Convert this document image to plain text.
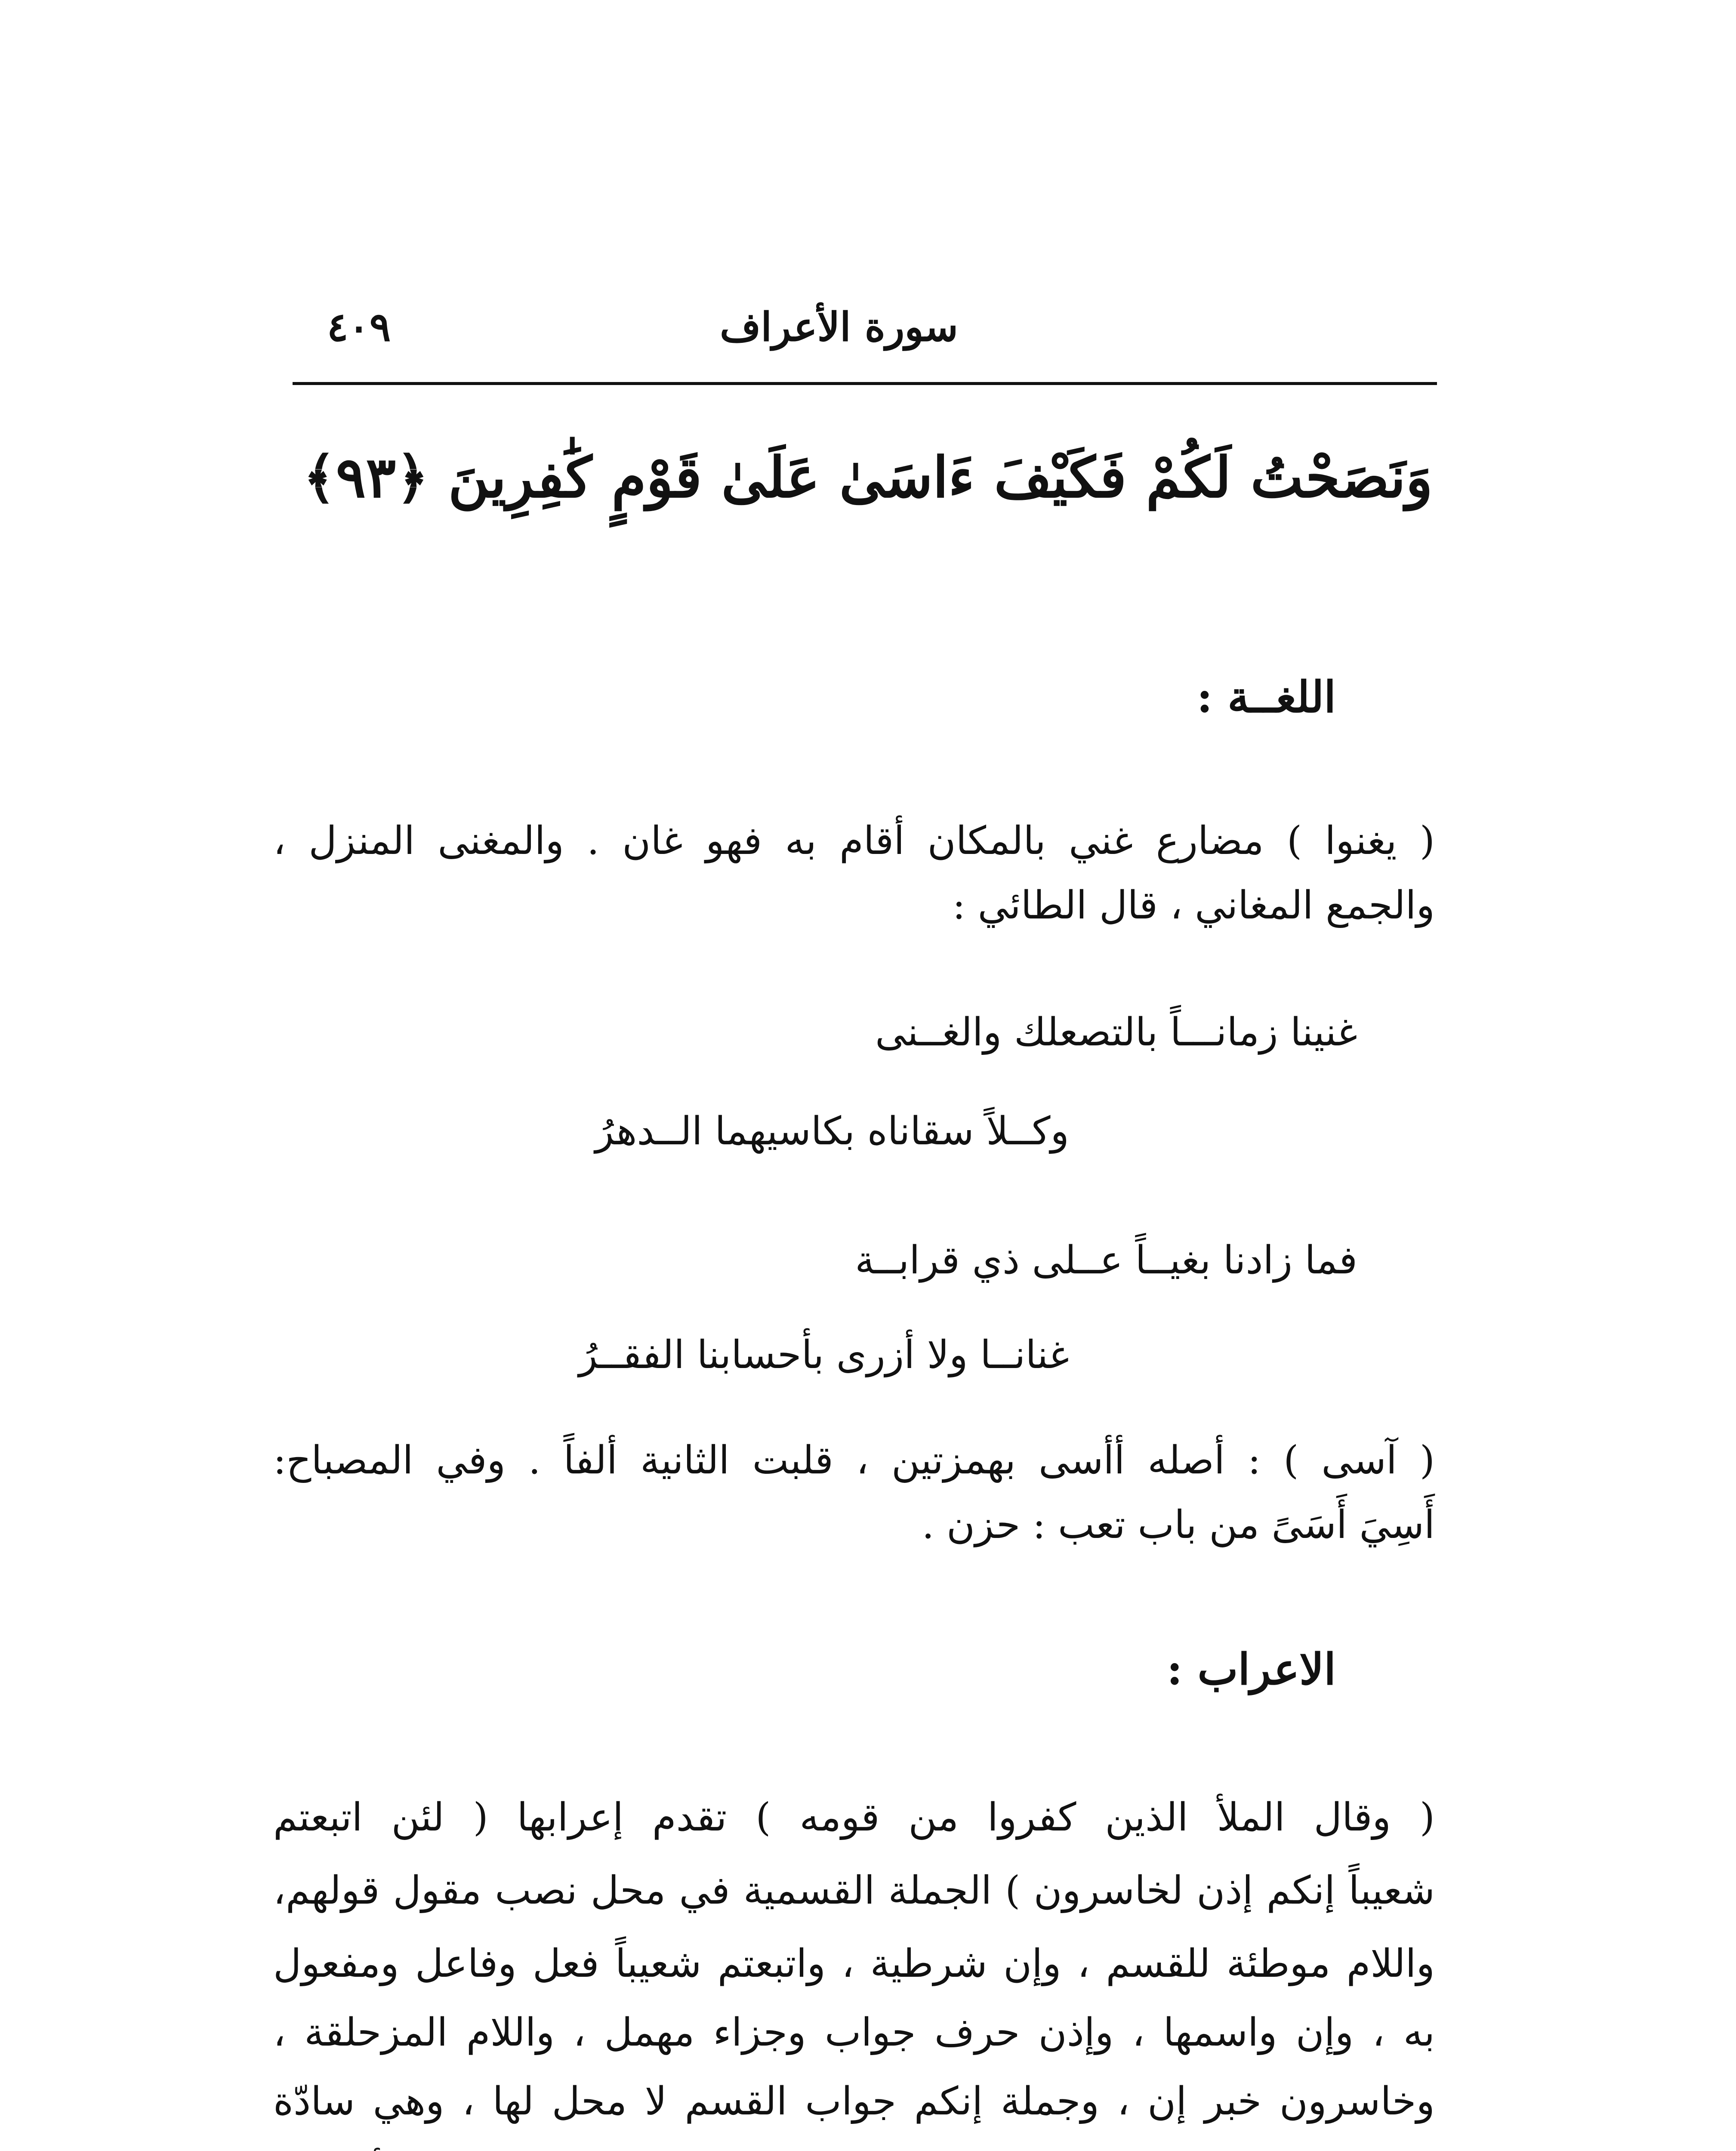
سورة الأعراف
٤٠٩
وَنَصَحْتُ لَكُمْ فَكَيْفَ ءَاسَىٰ عَلَىٰ قَوْمٍ كَٰفِرِينَ ﴿٩٣﴾
اللغــة :
( يغنوا ) مضارع غني بالمكان أقام به فهو غان . والمغنى المنزل ،
والجمع المغاني ، قال الطائي :
غنينا زمانـــاً بالتصعلك والغــنى
وكــلاً سقاناه بكاسيهما الــدهرُ
فما زادنا بغيــاً عــلى ذي قرابــة
غنانــا ولا أزرى بأحسابنا الفقــرُ
( آسى ) : أصله أأسى بهمزتين ، قلبت الثانية ألفاً . وفي المصباح:
أَسِيَ أَسَىً من باب تعب : حزن .
الاعراب :
( وقال الملأ الذين كفروا من قومه ) تقدم إعرابها ( لئن اتبعتم
شعيباً إنكم إذن لخاسرون ) الجملة القسمية في محل نصب مقول قولهم،
واللام موطئة للقسم ، وإن شرطية ، واتبعتم شعيباً فعل وفاعل ومفعول
به ، وإن واسمها ، وإذن حرف جواب وجزاء مهمل ، واللام المزحلقة ،
وخاسرون خبر إن ، وجملة إنكم جواب القسم لا محل لها ، وهي سادّة
